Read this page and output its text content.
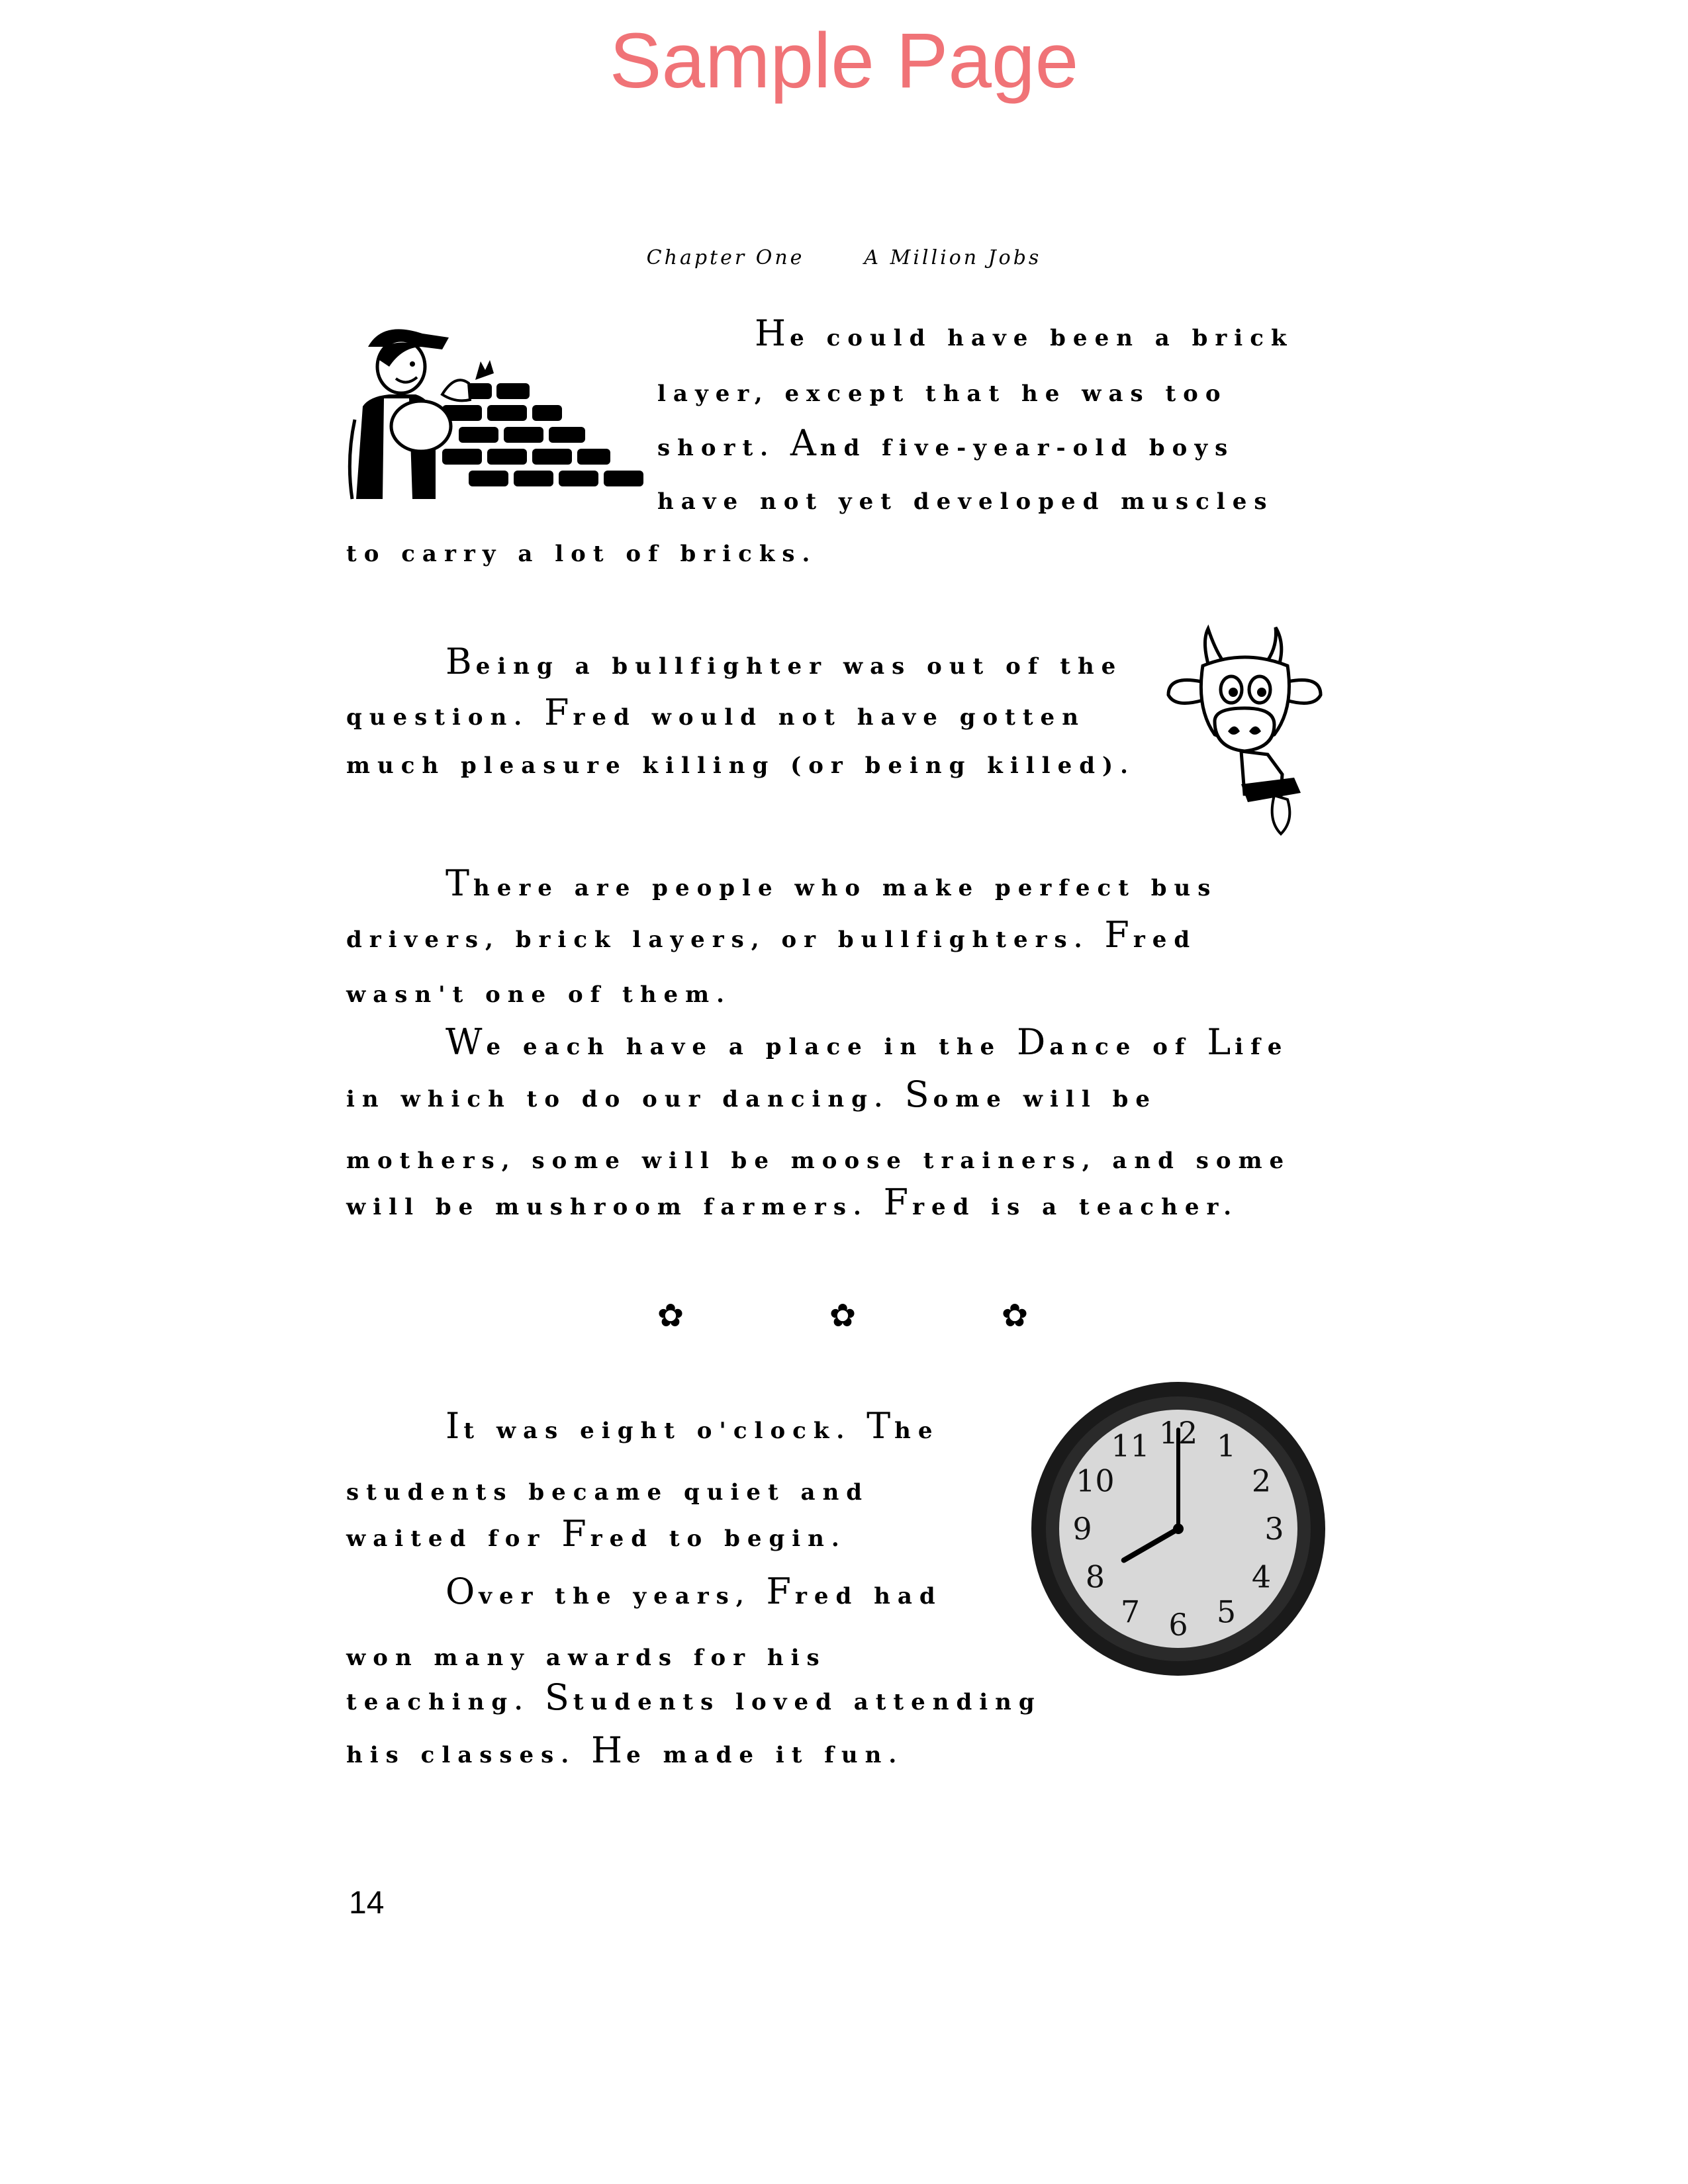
Sample Page
Chapter One	A Million Jobs
He could have been a brick
layer, except that he was too
short. And five-year-old boys
have not yet developed muscles
to carry a lot of bricks.
Being a bullfighter was out of the
question. Fred would not have gotten
much pleasure killing (or being killed).
There are people who make perfect bus
drivers, brick layers, or bullfighters. Fred
wasn't one of them.
We each have a place in the Dance of Life
in which to do our dancing. Some will be
mothers, some will be moose trainers, and some
will be mushroom farmers. Fred is a teacher.
✿	✿	✿
12 1
2
3
4
5
6
7
8
9
10
11
It was eight o'clock. The
students became quiet and
waited for Fred to begin.
Over the years, Fred had
won many awards for his
teaching. Students loved attending
his classes. He made it fun.
14
